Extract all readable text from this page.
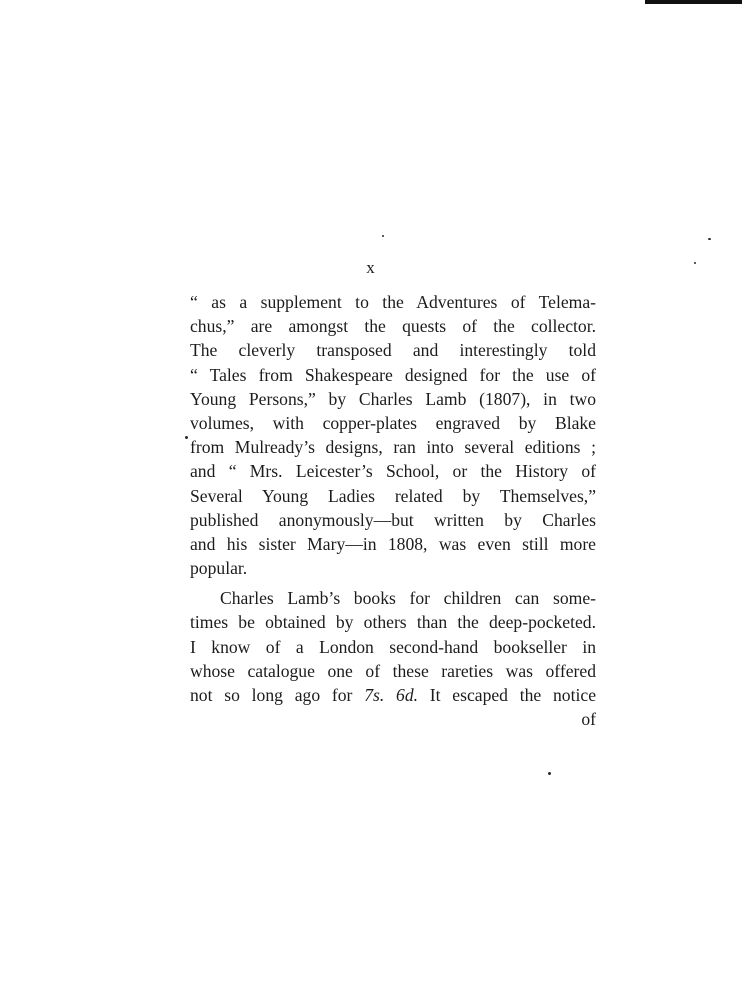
x
“ as a supplement to the Adventures of Telema-
chus,” are amongst the quests of the collector.
The cleverly transposed and interestingly told
“ Tales from Shakespeare designed for the use of
Young Persons,” by Charles Lamb (1807), in two
volumes, with copper-plates engraved by Blake
from Mulready’s designs, ran into several editions ;
and “ Mrs. Leicester’s School, or the History of
Several Young Ladies related by Themselves,”
published anonymously—but written by Charles
and his sister Mary—in 1808, was even still more
popular.
Charles Lamb’s books for children can some-
times be obtained by others than the deep-pocketed.
I know of a London second-hand bookseller in
whose catalogue one of these rareties was offered
not so long ago for 7s. 6d. It escaped the notice
of
